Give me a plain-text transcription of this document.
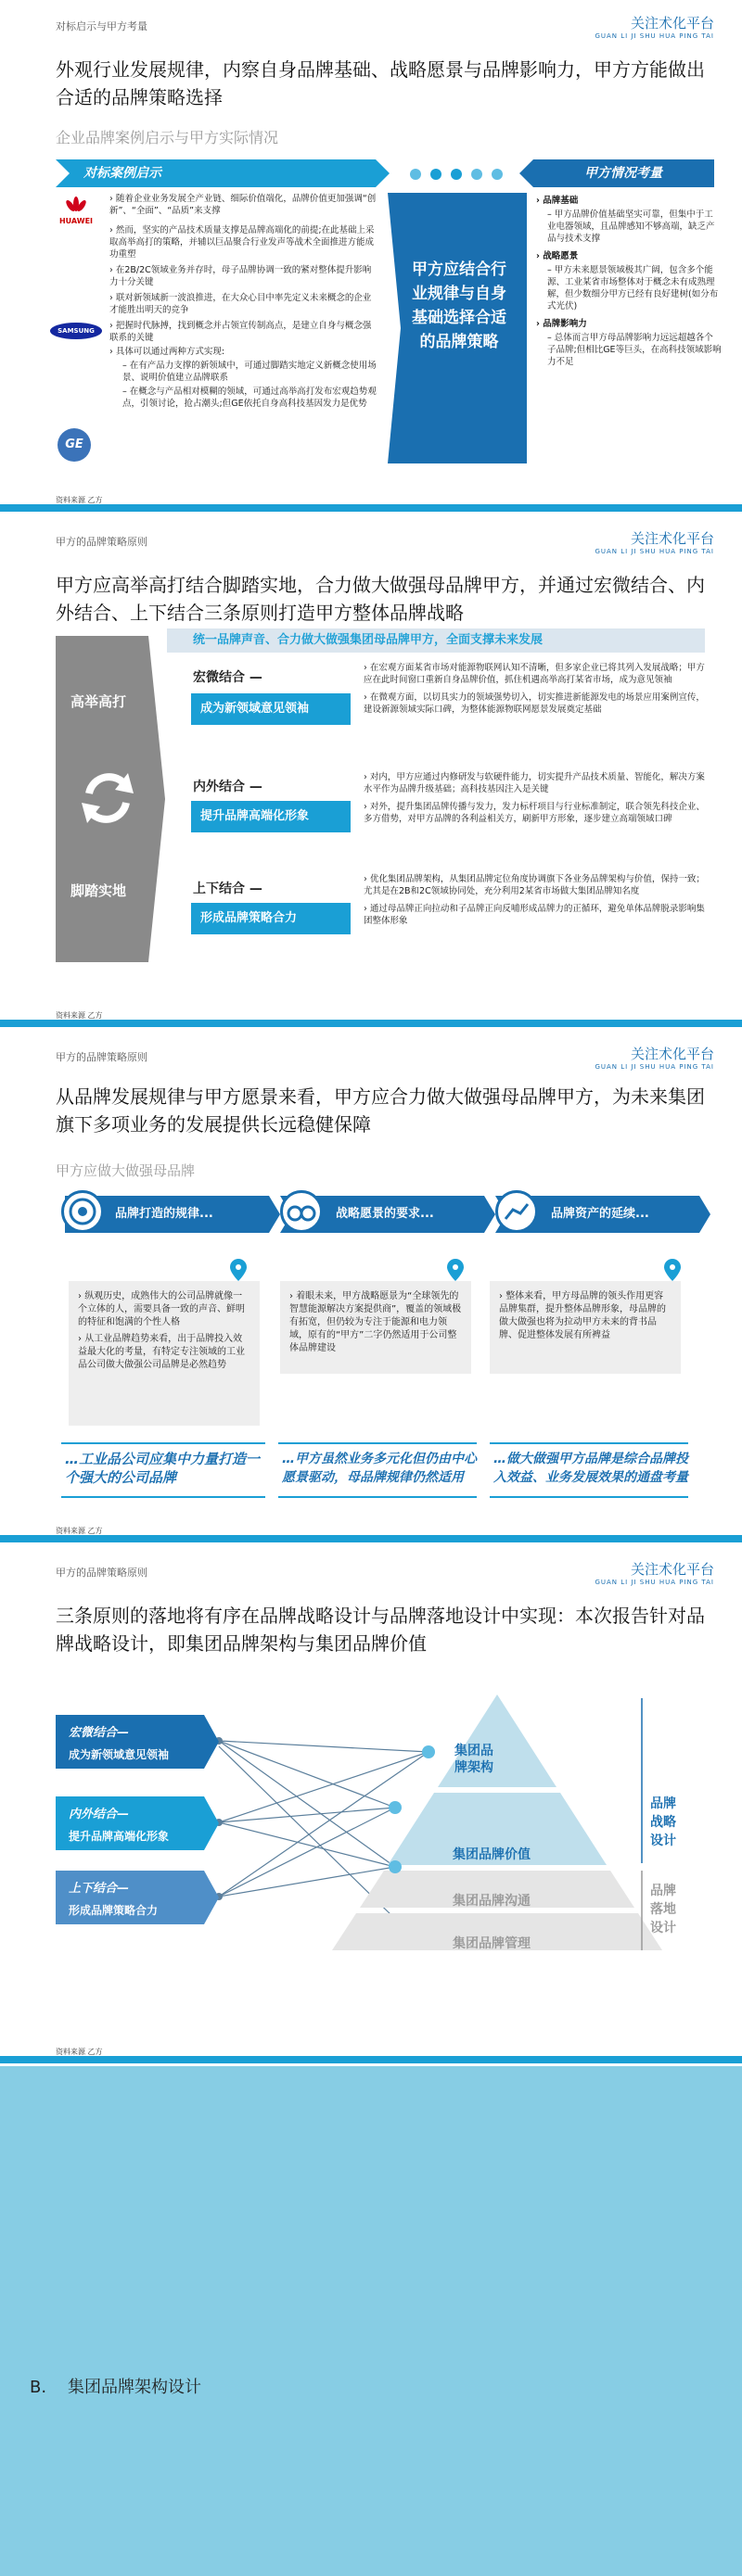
对标启示与甲方考量	关注术化平台
GUAN LI JI SHU HUA PING TAI
外观行业发展规律，内察自身品牌基础、战略愿景与品牌影响力，甲方方能做出合适的品牌策略选择
企业品牌案例启示与甲方实际情况
对标案例启示	甲方情况考量
HUAWEI
SAMSUNG
GE
› 随着企业业务发展全产业链、细际价值端化，品牌价值更加强调“创新”、“全面”、“品质”来支撑
› 然而，坚实的产品技术质量支撑是品牌高端化的前提;在此基础上采取高举高打的策略，并辅以巨品聚合行业发声等战术全面推进方能成功重塑
› 在2B/2C领域业务并存时，母子品牌协调一致的紧对整体提升影响力十分关键
› 联对新领域新一波浪推进，在大众心目中率先定义未来概念的企业才能胜出明天的竞争
› 把握时代脉搏，找到概念并占领宣传制高点，是建立自身与概念强联系的关键
› 具体可以通过两种方式实现:
– 在有产品力支撑的新领域中，可通过脚踏实地定义新概念使用场景、说明价值建立品牌联系
– 在概念与产品相对模糊的领域，可通过高举高打发布宏观趋势观点，引领讨论，抢占潮头;但GE依托自身高科技基因发力是优势
甲方应结合行业规律与自身基础选择合适的品牌策略
› 品牌基础
– 甲方品牌价值基础坚实可靠，但集中于工业电器领域，且品牌感知不够高端，缺乏产品与技术支撑
› 战略愿景
– 甲方未来愿景领域极其广阔，包含多个能源、工业某省市场整体对于概念未有成熟理解，但少数细分甲方已经有良好建树(如分布式光伏)
› 品牌影响力
– 总体而言甲方母品牌影响力远远超越各个子品牌;但相比GE等巨头，在高科技领域影响力不足
资料来源 乙方
甲方的品牌策略原则	关注术化平台
GUAN LI JI SHU HUA PING TAI
甲方应高举高打结合脚踏实地，合力做大做强母品牌甲方，并通过宏微结合、内外结合、上下结合三条原则打造甲方整体品牌战略
统一品牌声音、合力做大做强集团母品牌甲方，全面支撑未来发展
高举高打
脚踏实地
宏微结合 —
成为新领域意见领袖
› 在宏观方面某省市场对能源物联网认知不清晰，但多家企业已将其列入发展战略；甲方应在此时间窗口重新自身品牌价值，抓住机遇高举高打某省市场，成为意见领袖
› 在微观方面，以切具实力的领域强势切入，切实推进新能源发电的场景应用案例宣传，建设新源领域实际口碑，为整体能源物联网愿景发展奠定基础
内外结合 —
提升品牌高端化形象
› 对内，甲方应通过内修研发与软硬件能力，切实提升产品技术质量、智能化，解决方案水平作为品牌升级基础；高科技基因注入是关键
› 对外，提升集团品牌传播与发力，发力标杆项目与行业标准制定，联合领先科技企业、多方借势，对甲方品牌的各利益相关方，刷新甲方形象，逐步建立高端领域口碑
上下结合 —
形成品牌策略合力
› 优化集团品牌架构，从集团品牌定位角度协调旗下各业务品牌架构与价值，保持一致；尤其是在2B和2C领域协同处，充分利用2某省市场做大集团品牌知名度
› 通过母品牌正向拉动和子品牌正向反哺形成品牌力的正循环，避免单体品牌脱录影响集团整体形象
资料来源 乙方
甲方的品牌策略原则	关注术化平台
GUAN LI JI SHU HUA PING TAI
从品牌发展规律与甲方愿景来看，甲方应合力做大做强母品牌甲方，为未来集团旗下多项业务的发展提供长远稳健保障
甲方应做大做强母品牌
品牌打造的规律...	战略愿景的要求...	品牌资产的延续...
› 纵观历史，成熟伟大的公司品牌就像一个立体的人，需要具备一致的声音、鲜明的特征和饱满的个性人格
› 从工业品牌趋势来看，出于品牌投入效益最大化的考量，有特定专注领域的工业品公司做大做强公司品牌是必然趋势
› 着眼未来，甲方战略愿景为“全球领先的智慧能源解决方案提供商”，覆盖的领域极有拓宽，但仍较为专注于能源和电力领域，原有的“甲方”二字仍然适用于公司整体品牌建设
› 整体来看，甲方母品牌的领头作用更容品牌集群，提升整体品牌形象，母品牌的做大做强也将为拉动甲方未来的背书品牌、促进整体发展有所裨益
…工业品公司应集中力量打造一个强大的公司品牌
…甲方虽然业务多元化但仍由中心愿景驱动，母品牌规律仍然适用
…做大做强甲方品牌是综合品牌投入效益、业务发展效果的通盘考量
资料来源 乙方
甲方的品牌策略原则	关注术化平台
GUAN LI JI SHU HUA PING TAI
三条原则的落地将有序在品牌战略设计与品牌落地设计中实现：本次报告针对品牌战略设计，即集团品牌架构与集团品牌价值
宏微结合—
成为新领域意见领袖
内外结合—
提升品牌高端化形象
上下结合—
形成品牌策略合力
集团品牌架构
集团品牌价值
集团品牌沟通
集团品牌管理
品牌战略设计
品牌落地设计
资料来源 乙方
B.    集团品牌架构设计
